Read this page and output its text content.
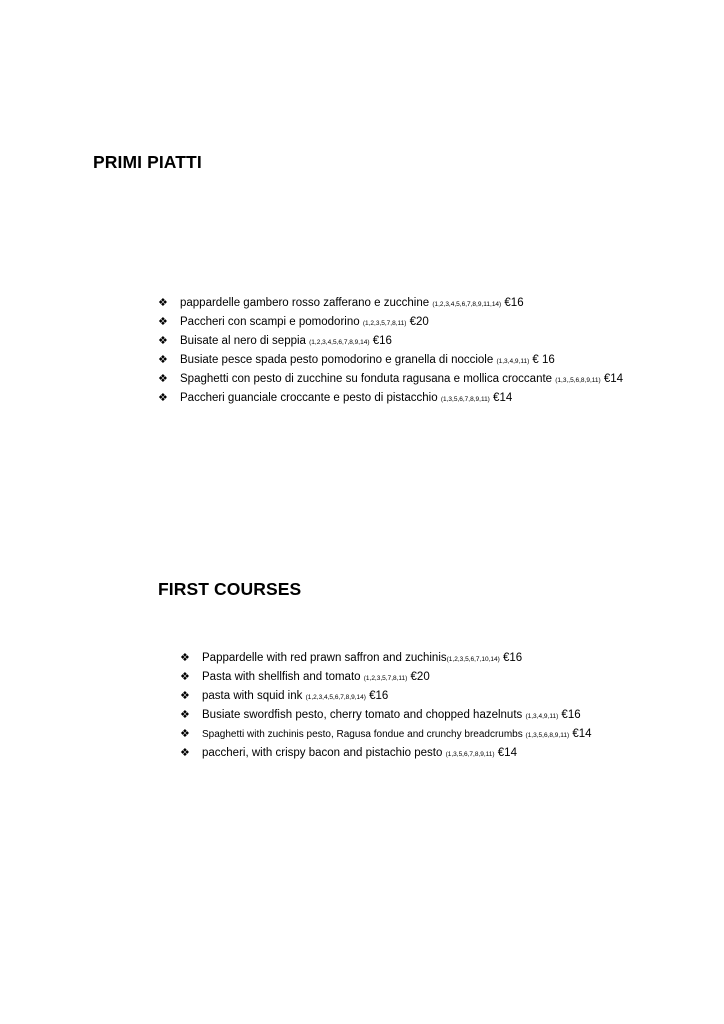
PRIMI PIATTI
❖ pappardelle gambero rosso zafferano e zucchine (1,2,3,4,5,6,7,8,9,11,14) €16
❖ Paccheri con scampi e pomodorino (1,2,3,5,7,8,11) €20
❖ Buisate al nero di seppia (1,2,3,4,5,6,7,8,9,14) €16
❖ Busiate pesce spada pesto pomodorino e granella di nocciole (1,3,4,9,11) € 16
❖ Spaghetti con pesto di zucchine su fonduta ragusana e mollica croccante (1,3,,5,6,8,9,11) €14
❖ Paccheri guanciale croccante e pesto di pistacchio (1,3,5,6,7,8,9,11) €14
FIRST COURSES
❖ Pappardelle with red prawn saffron and zuchinis(1,2,3,5,6,7,10,14) €16
❖ Pasta with shellfish and tomato (1,2,3,5,7,8,11) €20
❖ pasta with squid ink (1,2,3,4,5,6,7,8,9,14) €16
❖ Busiate swordfish pesto, cherry tomato and chopped hazelnuts (1,3,4,9,11) €16
❖ Spaghetti with zuchinis pesto, Ragusa fondue and crunchy breadcrumbs (1,3,5,6,8,9,11) €14
❖ paccheri, with crispy bacon and pistachio pesto (1,3,5,6,7,8,9,11) €14
